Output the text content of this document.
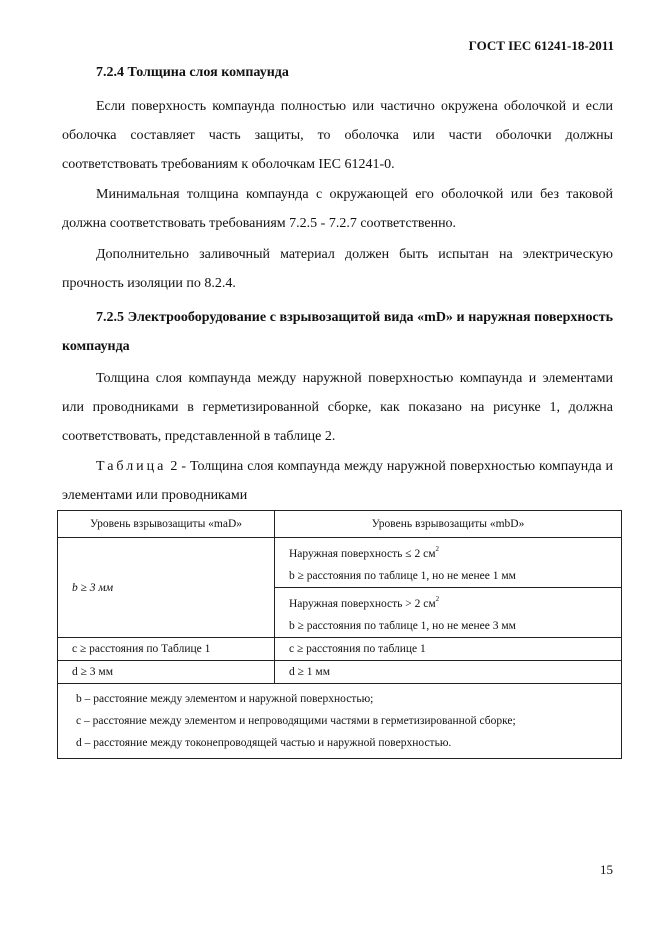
ГОСТ IEC 61241-18-2011
7.2.4 Толщина слоя компаунда
Если поверхность компаунда полностью или частично окружена оболочкой и если оболочка составляет часть защиты, то оболочка или части оболочки должны соответствовать требованиям к оболочкам IEC 61241-0.
Минимальная толщина компаунда с окружающей его оболочкой или без таковой должна соответствовать требованиям 7.2.5 - 7.2.7 соответственно.
Дополнительно заливочный материал должен быть испытан на электрическую прочность изоляции по 8.2.4.
7.2.5 Электрооборудование с взрывозащитой вида «mD» и наружная поверхность компаунда
Толщина слоя компаунда между наружной поверхностью компаунда и элементами или проводниками в герметизированной сборке, как показано на рисунке 1, должна соответствовать, представленной в таблице 2.
Таблица 2 - Толщина слоя компаунда между наружной поверхностью компаунда и элементами или проводниками
Уровень взрывозащиты «maD»	Уровень взрывозащиты «mbD»
b ≥ 3 мм	Наружная поверхность ≤ 2 $см^2$
b ≥ расстояния по таблице 1, но не менее 1 мм

	Наружная поверхность > 2 $см^2$
b ≥ расстояния по таблице 1, но не менее 3 мм

c ≥ расстояния по Таблице 1	c ≥ расстояния по таблице 1
d ≥ 3 мм	d ≥ 1 мм

b – расстояние между элементом и наружной поверхностью;
c – расстояние между элементом и непроводящими частями в герметизированной сборке;
d – расстояние между токонепроводящей частью и наружной поверхностью.	
15
